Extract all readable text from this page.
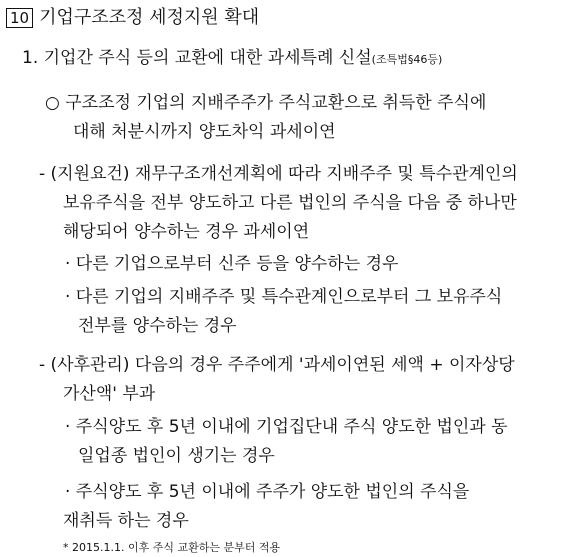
10 기업구조조정 세정지원 확대
1. 기업간 주식 등의 교환에 대한 과세특례 신설(조특법§46등)
○ 구조조정 기업의 지배주주가 주식교환으로 취득한 주식에
대해 처분시까지 양도차익 과세이연
- (지원요건) 재무구조개선계획에 따라 지배주주 및 특수관계인의
보유주식을 전부 양도하고 다른 법인의 주식을 다음 중 하나만
해당되어 양수하는 경우 과세이연
· 다른 기업으로부터 신주 등을 양수하는 경우
· 다른 기업의 지배주주 및 특수관계인으로부터 그 보유주식
전부를 양수하는 경우
- (사후관리) 다음의 경우 주주에게 '과세이연된 세액 + 이자상당
가산액' 부과
· 주식양도 후 5년 이내에 기업집단내 주식 양도한 법인과 동
일업종 법인이 생기는 경우
· 주식양도 후 5년 이내에 주주가 양도한 법인의 주식을
재취득 하는 경우
* 2015.1.1. 이후 주식 교환하는 분부터 적용
